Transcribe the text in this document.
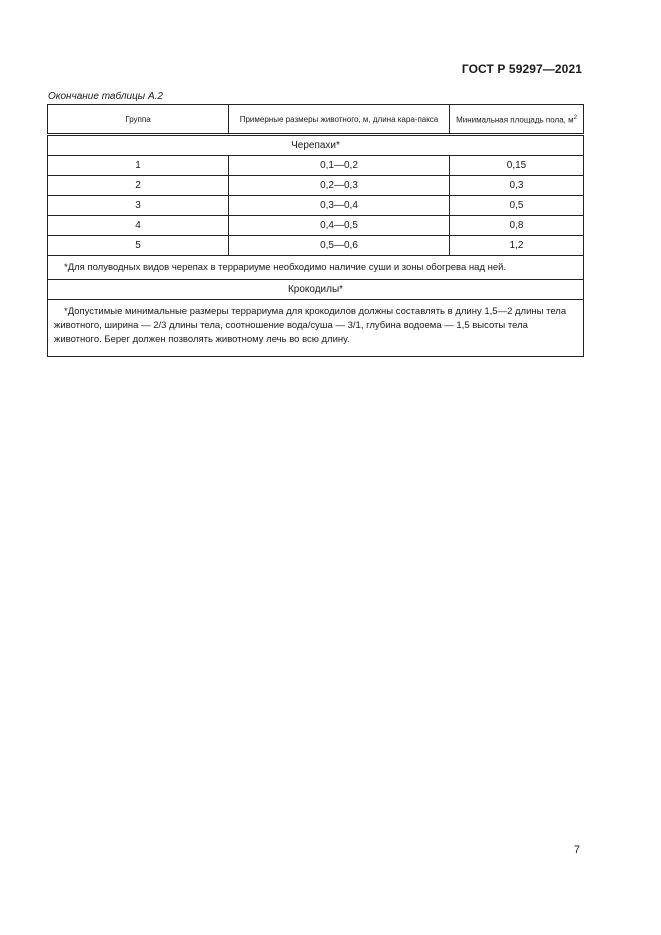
ГОСТ Р 59297—2021
Окончание таблицы А.2
Группа	Примерные размеры животного, м, длина кара-паксa	Минимальная площадь пола, $м^2$
Черепахи*		
1	0,1—0,2	0,15
2	0,2—0,3	0,3
3	0,3—0,4	0,5
4	0,4—0,5	0,8
5	0,5—0,6	1,2
*Для полуводных видов черепах в террариуме необходимо наличие суши и зоны обогрева над ней.		
Крокодилы*		
*Допустимые минимальные размеры террариума для крокодилов должны составлять в длину 1,5—2 длины тела животного, ширина — 2/3 длины тела, соотношение вода/суша — 3/1, глубина водоема — 1,5 высоты тела животного. Берег должен позволять животному лечь во всю длину.		
7
